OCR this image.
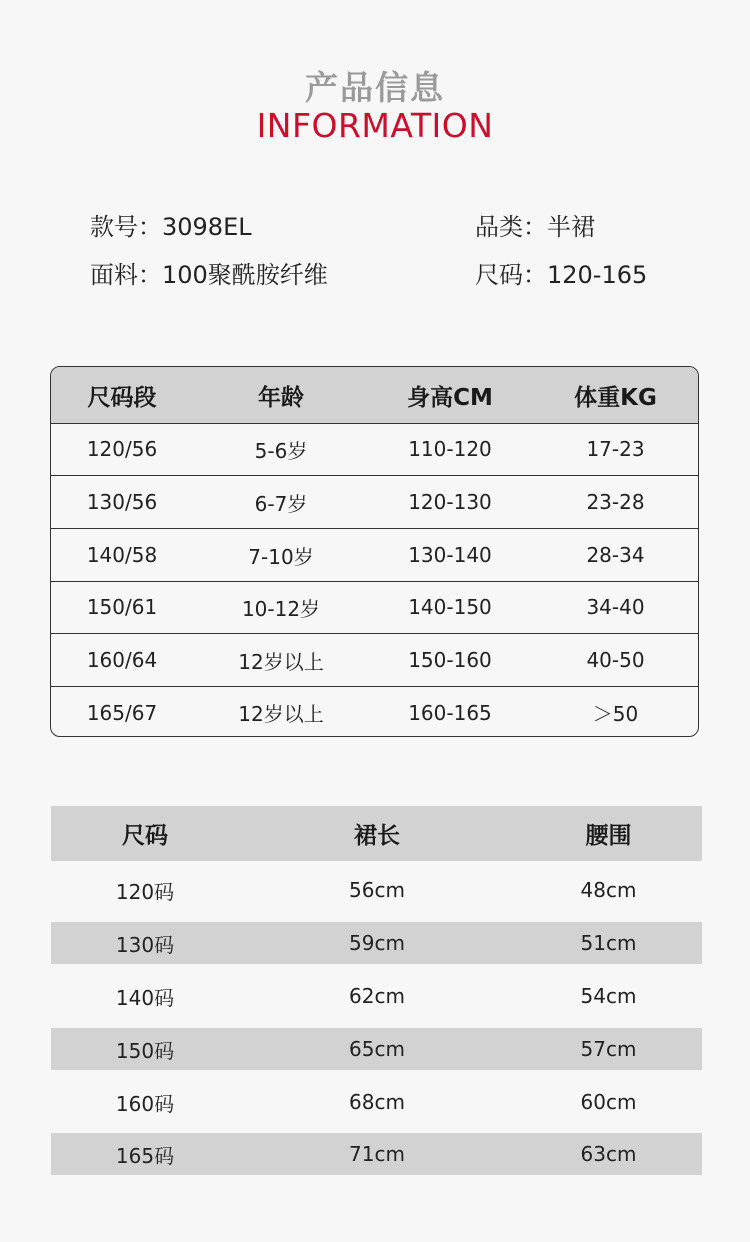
产品信息
INFORMATION
款号：3098EL	品类：半裙
面料：100聚酰胺纤维	尺码：120-165
尺码段	年龄	身高CM	体重KG
120/56	5-6岁	110-120	17-23
130/56	6-7岁	120-130	23-28
140/58	7-10岁	130-140	28-34
150/61	10-12岁	140-150	34-40
160/64	12岁以上	150-160	40-50
165/67	12岁以上	160-165	＞50
尺码	裙长	腰围
120码	56cm	48cm
130码	59cm	51cm
140码	62cm	54cm
150码	65cm	57cm
160码	68cm	60cm
165码	71cm	63cm
